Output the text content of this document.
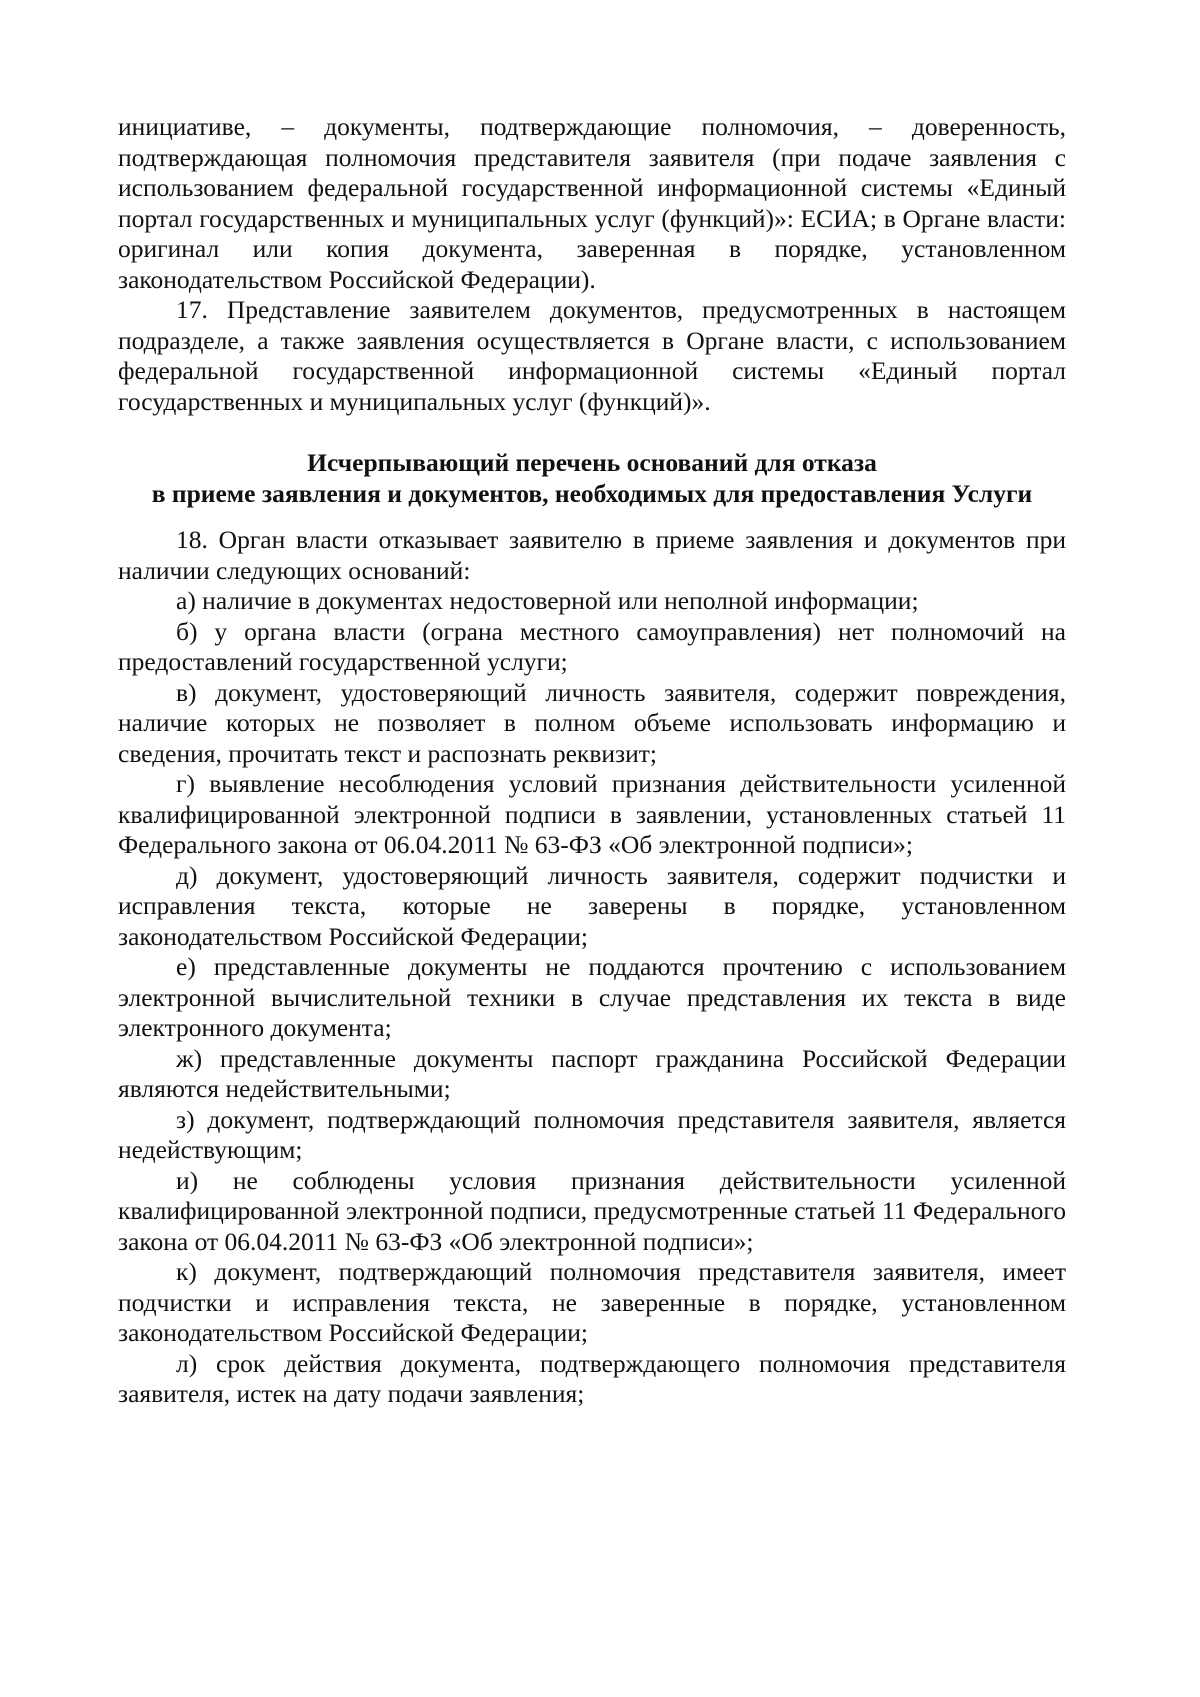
инициативе, – документы, подтверждающие полномочия, – доверенность, подтверждающая полномочия представителя заявителя (при подаче заявления с использованием федеральной государственной информационной системы «Единый портал государственных и муниципальных услуг (функций)»: ЕСИА; в Органе власти: оригинал или копия документа, заверенная в порядке, установленном законодательством Российской Федерации).

17. Представление заявителем документов, предусмотренных в настоящем подразделе, а также заявления осуществляется в Органе власти, с использованием федеральной государственной информационной системы «Единый портал государственных и муниципальных услуг (функций)».

Исчерпывающий перечень оснований для отказа

в приеме заявления и документов, необходимых для предоставления Услуги

18. Орган власти отказывает заявителю в приеме заявления и документов при наличии следующих оснований:

а) наличие в документах недостоверной или неполной информации;

б) у органа власти (огрaна местного самоуправления) нет полномочий на предоставлений государственной услуги;

в) документ, удостоверяющий личность заявителя, содержит повреждения, наличие которых не позволяет в полном объеме использовать информацию и сведения, прочитать текст и распознать реквизит;

г) выявление несоблюдения условий признания действительности усиленной квалифицированной электронной подписи в заявлении, установленных статьей 11 Федерального закона от 06.04.2011 № 63-ФЗ «Об электронной подписи»;

д) документ, удостоверяющий личность заявителя, содержит подчистки и исправления текста, которые не заверены в порядке, установленном законодательством Российской Федерации;

е) представленные документы не поддаются прочтению с использованием электронной вычислительной техники в случае представления их текста в виде электронного документа;

ж) представленные документы паспорт гражданина Российской Федерации являются недействительными;

з) документ, подтверждающий полномочия представителя заявителя, является недействующим;

и) не соблюдены условия признания действительности усиленной квалифицированной электронной подписи, предусмотренные статьей 11 Федерального закона от 06.04.2011 № 63-ФЗ «Об электронной подписи»;

к) документ, подтверждающий полномочия представителя заявителя, имеет подчистки и исправления текста, не заверенные в порядке, установленном законодательством Российской Федерации;

л) срок действия документа, подтверждающего полномочия представителя заявителя, истек на дату подачи заявления;
